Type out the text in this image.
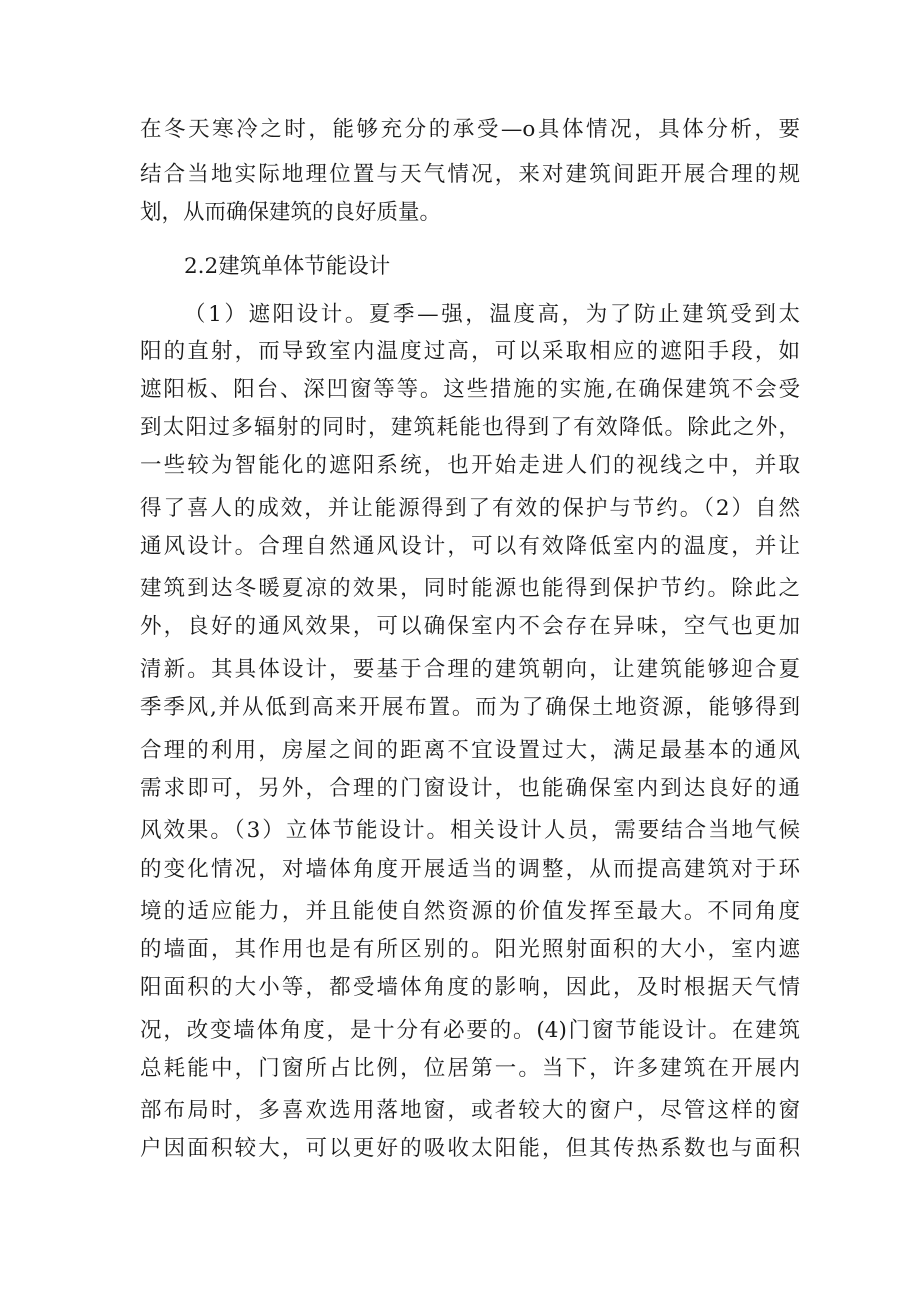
在冬天寒冷之时，能够充分的承受—o具体情况，具体分析，要
结合当地实际地理位置与天气情况，来对建筑间距开展合理的规
划，从而确保建筑的良好质量。
2.2建筑单体节能设计
（1）遮阳设计。夏季—强，温度高，为了防止建筑受到太
阳的直射，而导致室内温度过高，可以采取相应的遮阳手段，如
遮阳板、阳台、深凹窗等等。这些措施的实施,在确保建筑不会受
到太阳过多辐射的同时，建筑耗能也得到了有效降低。除此之外，
一些较为智能化的遮阳系统，也开始走进人们的视线之中，并取
得了喜人的成效，并让能源得到了有效的保护与节约。（2）自然
通风设计。合理自然通风设计，可以有效降低室内的温度，并让
建筑到达冬暖夏凉的效果，同时能源也能得到保护节约。除此之
外，良好的通风效果，可以确保室内不会存在异味，空气也更加
清新。其具体设计，要基于合理的建筑朝向，让建筑能够迎合夏
季季风,并从低到高来开展布置。而为了确保土地资源，能够得到
合理的利用，房屋之间的距离不宜设置过大，满足最基本的通风
需求即可，另外，合理的门窗设计，也能确保室内到达良好的通
风效果。（3）立体节能设计。相关设计人员，需要结合当地气候
的变化情况，对墙体角度开展适当的调整，从而提高建筑对于环
境的适应能力，并且能使自然资源的价值发挥至最大。不同角度
的墙面，其作用也是有所区别的。阳光照射面积的大小，室内遮
阳面积的大小等，都受墙体角度的影响，因此，及时根据天气情
况，改变墙体角度，是十分有必要的。(4)门窗节能设计。在建筑
总耗能中，门窗所占比例，位居第一。当下，许多建筑在开展内
部布局时，多喜欢选用落地窗，或者较大的窗户，尽管这样的窗
户因面积较大，可以更好的吸收太阳能，但其传热系数也与面积
